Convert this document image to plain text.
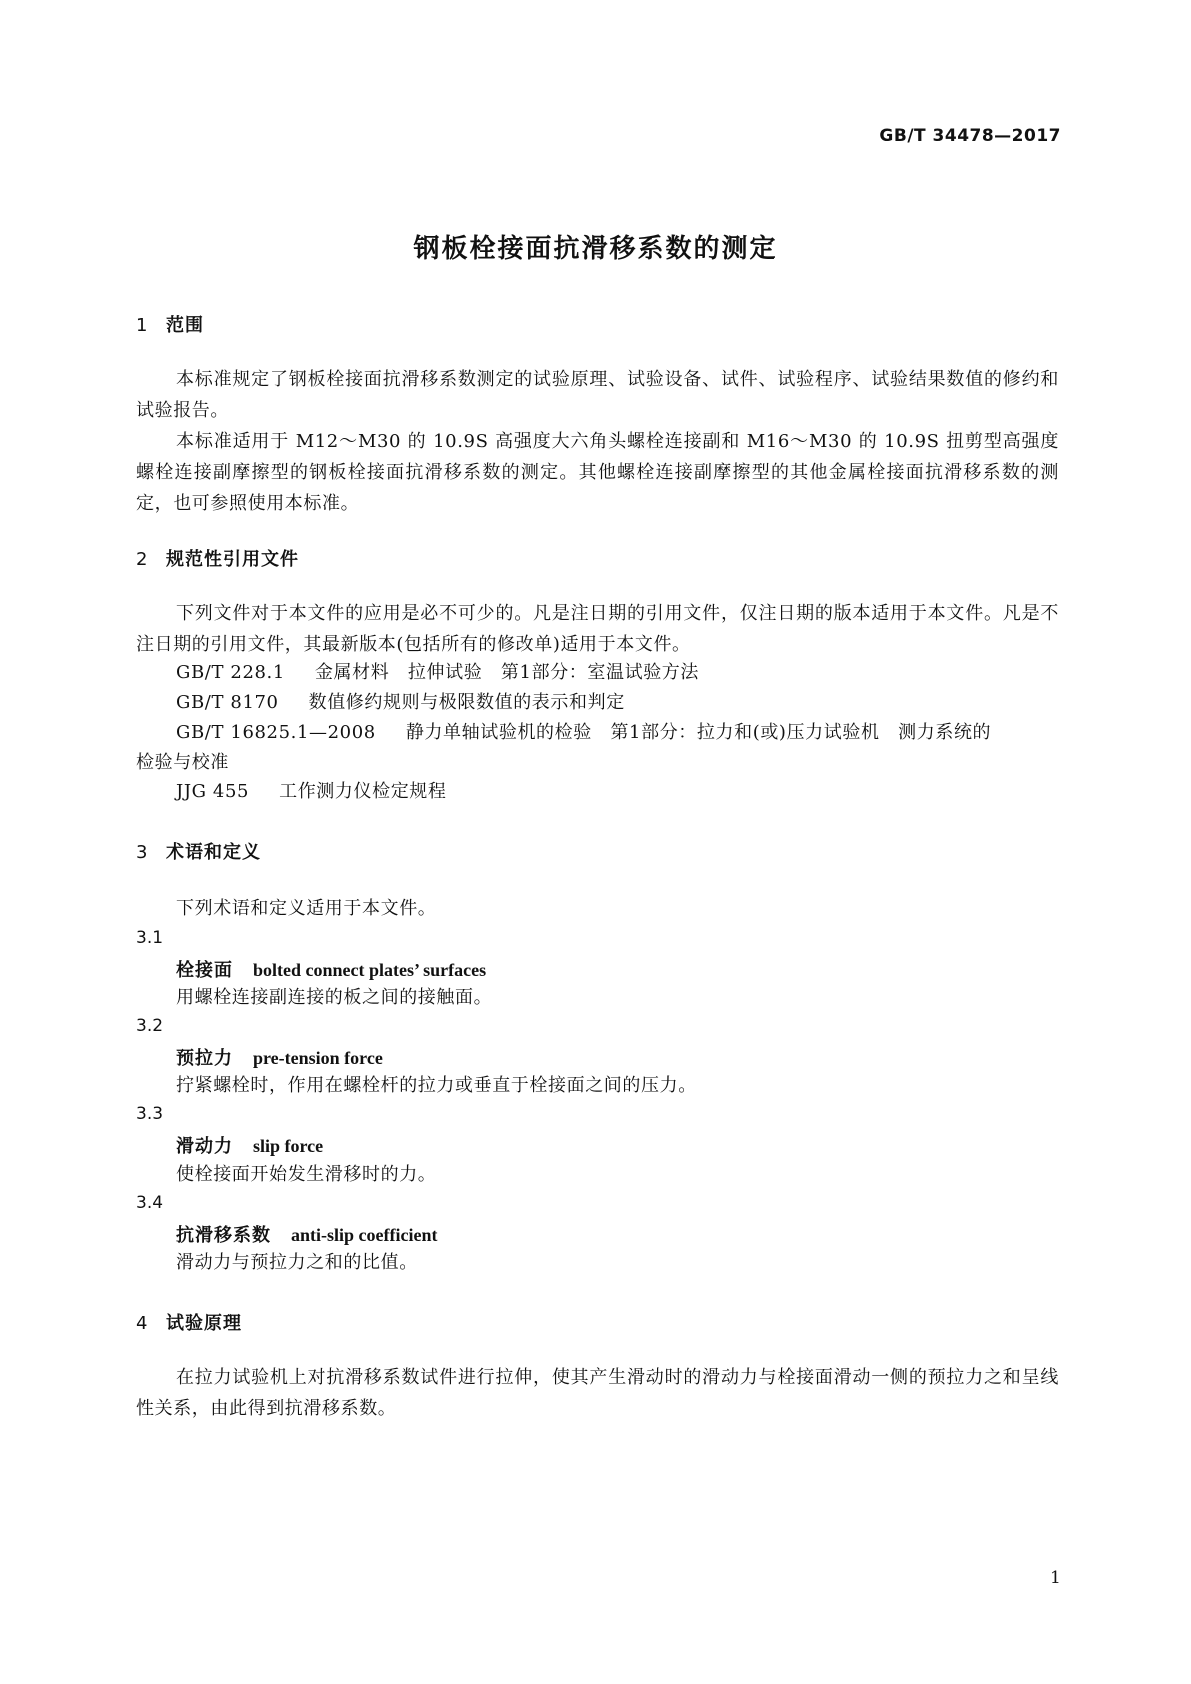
GB/T 34478—2017
钢板栓接面抗滑移系数的测定
1 范围

本标准规定了钢板栓接面抗滑移系数测定的试验原理、试验设备、试件、试验程序、试验结果数值的修约和试验报告。

本标准适用于 M12～M30 的 10.9S 高强度大六角头螺栓连接副和 M16～M30 的 10.9S 扭剪型高强度螺栓连接副摩擦型的钢板栓接面抗滑移系数的测定。其他螺栓连接副摩擦型的其他金属栓接面抗滑移系数的测定，也可参照使用本标准。

2 规范性引用文件

下列文件对于本文件的应用是必不可少的。凡是注日期的引用文件，仅注日期的版本适用于本文件。凡是不注日期的引用文件，其最新版本(包括所有的修改单)适用于本文件。

GB/T 228.1 金属材料　拉伸试验　第1部分：室温试验方法
GB/T 8170 数值修约规则与极限数值的表示和判定
GB/T 16825.1—2008 静力单轴试验机的检验　第1部分：拉力和(或)压力试验机　测力系统的
检验与校准
JJG 455 工作测力仪检定规程
3 术语和定义
下列术语和定义适用于本文件。
3.1
栓接面 bolted connect plates’ surfaces
用螺栓连接副连接的板之间的接触面。
3.2
预拉力 pre-tension force
拧紧螺栓时，作用在螺栓杆的拉力或垂直于栓接面之间的压力。
3.3
滑动力 slip force
使栓接面开始发生滑移时的力。
3.4
抗滑移系数 anti-slip coefficient
滑动力与预拉力之和的比值。
4 试验原理

在拉力试验机上对抗滑移系数试件进行拉伸，使其产生滑动时的滑动力与栓接面滑动一侧的预拉力之和呈线性关系，由此得到抗滑移系数。

1
